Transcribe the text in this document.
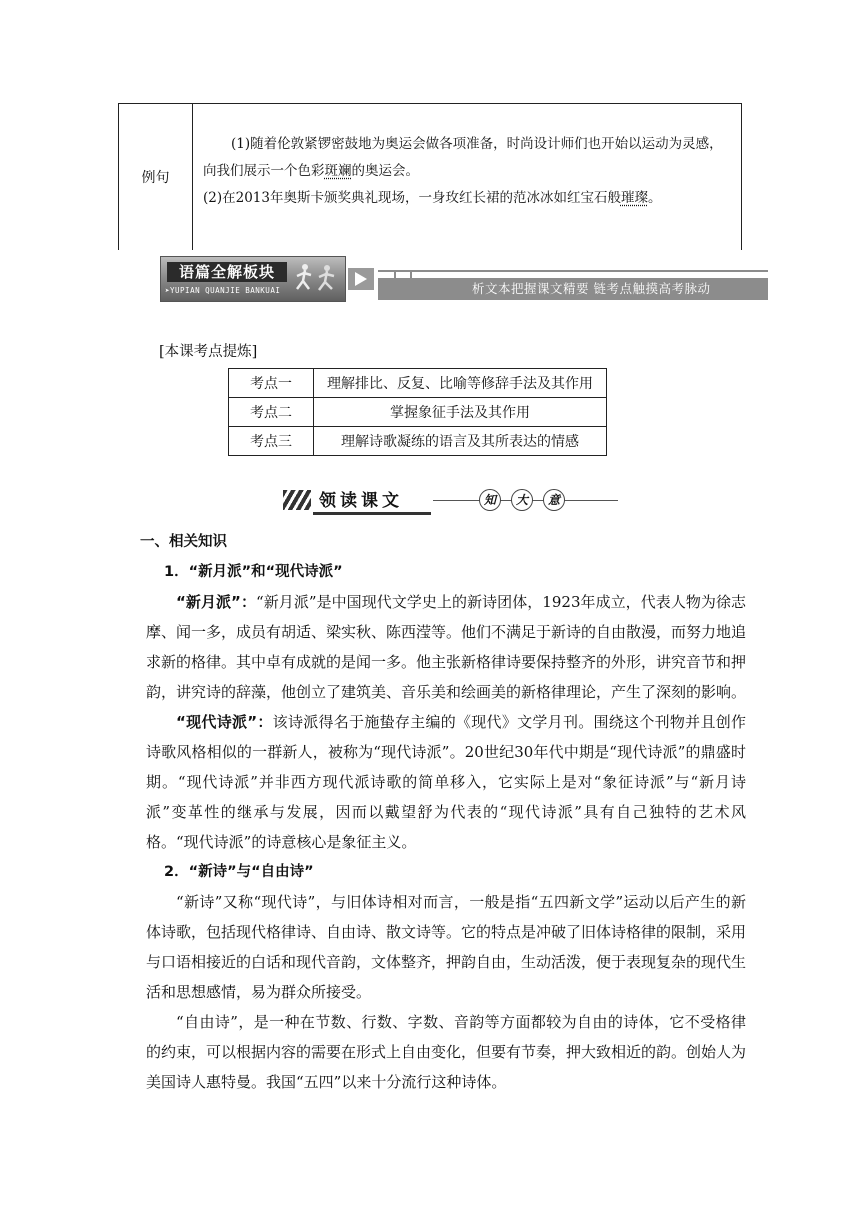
例句

(1)随着伦敦紧锣密鼓地为奥运会做各项准备，时尚设计师们也开始以运动为灵感，向我们展示一个色彩斑斓的奥运会。

(2)在2013年奥斯卡颁奖典礼现场，一身玫红长裙的范冰冰如红宝石般璀璨。

语篇全解板块
➤YUPIAN QUANJIE BANKUAI	析文本把握课文精要 链考点触摸高考脉动
[本课考点提炼]
考点一	理解排比、反复、比喻等修辞手法及其作用
考点二	掌握象征手法及其作用
考点三	理解诗歌凝练的语言及其所表达的情感
领读课文	知	大	意

一、相关知识

1．“新月派”和“现代诗派”

“新月派”：“新月派”是中国现代文学史上的新诗团体，1923年成立，代表人物为徐志摩、闻一多，成员有胡适、梁实秋、陈西滢等。他们不满足于新诗的自由散漫，而努力地追求新的格律。其中卓有成就的是闻一多。他主张新格律诗要保持整齐的外形，讲究音节和押韵，讲究诗的辞藻，他创立了建筑美、音乐美和绘画美的新格律理论，产生了深刻的影响。

“现代诗派”：该诗派得名于施蛰存主编的《现代》文学月刊。围绕这个刊物并且创作诗歌风格相似的一群新人，被称为“现代诗派”。20世纪30年代中期是“现代诗派”的鼎盛时期。“现代诗派”并非西方现代派诗歌的简单移入，它实际上是对“象征诗派”与“新月诗派”变革性的继承与发展，因而以戴望舒为代表的“现代诗派”具有自己独特的艺术风格。“现代诗派”的诗意核心是象征主义。

2．“新诗”与“自由诗”

“新诗”又称“现代诗”，与旧体诗相对而言，一般是指“五四新文学”运动以后产生的新体诗歌，包括现代格律诗、自由诗、散文诗等。它的特点是冲破了旧体诗格律的限制，采用与口语相接近的白话和现代音韵，文体整齐，押韵自由，生动活泼，便于表现复杂的现代生活和思想感情，易为群众所接受。

“自由诗”，是一种在节数、行数、字数、音韵等方面都较为自由的诗体，它不受格律的约束，可以根据内容的需要在形式上自由变化，但要有节奏，押大致相近的韵。创始人为美国诗人惠特曼。我国“五四”以来十分流行这种诗体。
